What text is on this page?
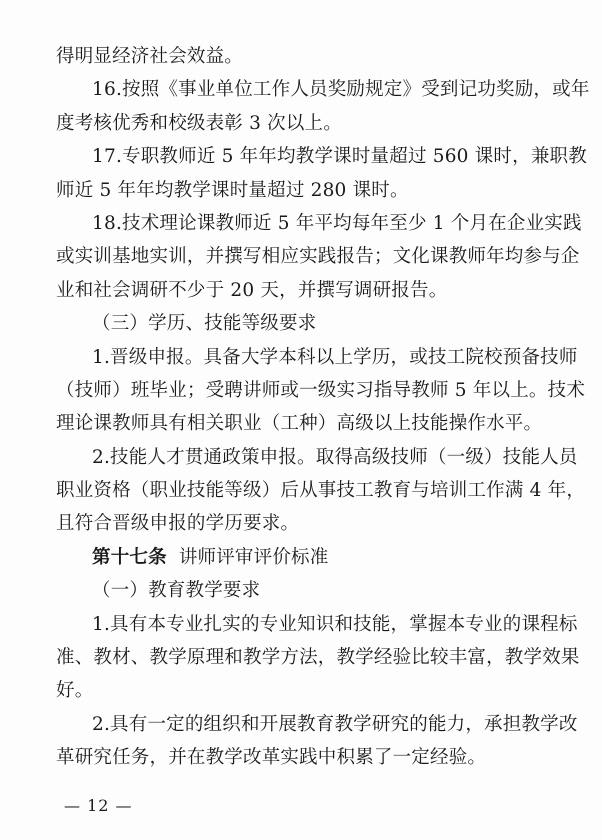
得明显经济社会效益。
16.按照《事业单位工作人员奖励规定》受到记功奖励，或年
度考核优秀和校级表彰 3 次以上。
17.专职教师近 5 年年均教学课时量超过 560 课时，兼职教
师近 5 年年均教学课时量超过 280 课时。
18.技术理论课教师近 5 年平均每年至少 1 个月在企业实践
或实训基地实训，并撰写相应实践报告；文化课教师年均参与企
业和社会调研不少于 20 天，并撰写调研报告。
（三）学历、技能等级要求
1.晋级申报。具备大学本科以上学历，或技工院校预备技师
（技师）班毕业；受聘讲师或一级实习指导教师 5 年以上。技术
理论课教师具有相关职业（工种）高级以上技能操作水平。
2.技能人才贯通政策申报。取得高级技师（一级）技能人员
职业资格（职业技能等级）后从事技工教育与培训工作满 4 年，
且符合晋级申报的学历要求。
第十七条 讲师评审评价标准
（一）教育教学要求
1.具有本专业扎实的专业知识和技能，掌握本专业的课程标
准、教材、教学原理和教学方法，教学经验比较丰富，教学效果
好。
2.具有一定的组织和开展教育教学研究的能力，承担教学改
革研究任务，并在教学改革实践中积累了一定经验。
— 12 —
